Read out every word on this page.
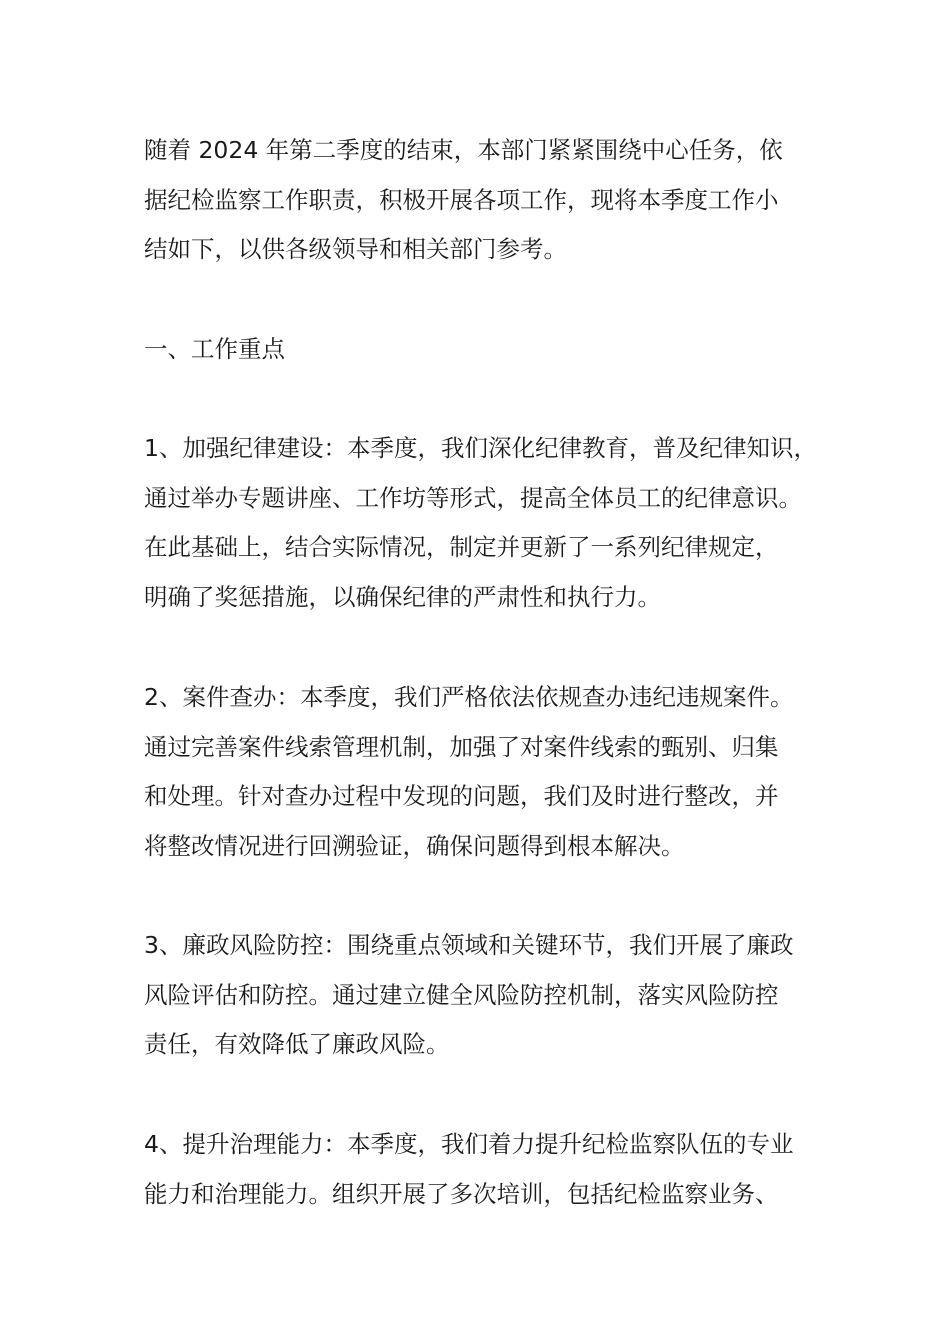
随着 2024 年第二季度的结束，本部门紧紧围绕中心任务，依
据纪检监察工作职责，积极开展各项工作，现将本季度工作小
结如下，以供各级领导和相关部门参考。
一、工作重点
1、加强纪律建设：本季度，我们深化纪律教育，普及纪律知识，
通过举办专题讲座、工作坊等形式，提高全体员工的纪律意识。
在此基础上，结合实际情况，制定并更新了一系列纪律规定，
明确了奖惩措施，以确保纪律的严肃性和执行力。
2、案件查办：本季度，我们严格依法依规查办违纪违规案件。
通过完善案件线索管理机制，加强了对案件线索的甄别、归集
和处理。针对查办过程中发现的问题，我们及时进行整改，并
将整改情况进行回溯验证，确保问题得到根本解决。
3、廉政风险防控：围绕重点领域和关键环节，我们开展了廉政
风险评估和防控。通过建立健全风险防控机制，落实风险防控
责任，有效降低了廉政风险。
4、提升治理能力：本季度，我们着力提升纪检监察队伍的专业
能力和治理能力。组织开展了多次培训，包括纪检监察业务、
